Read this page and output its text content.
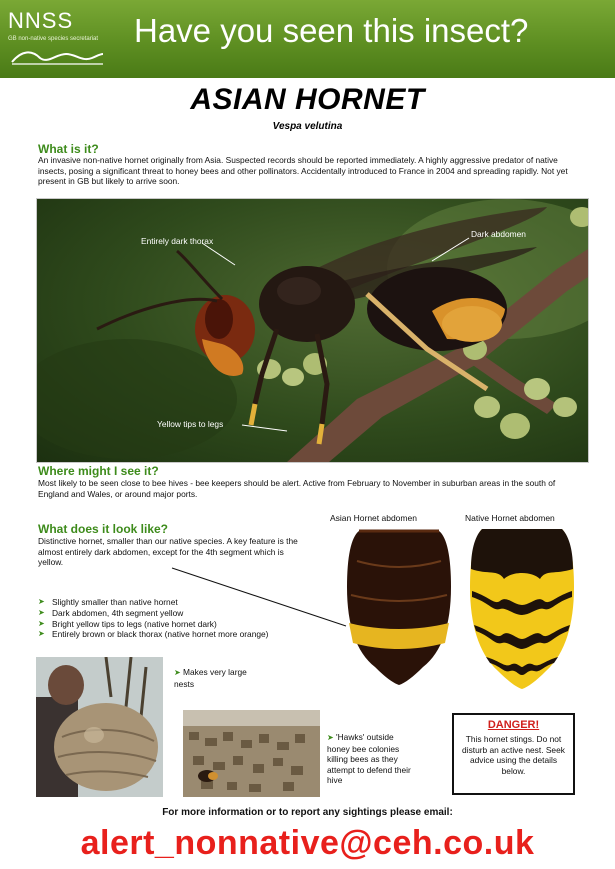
NNSS
GB non-native species secretariat Have you seen this insect?
ASIAN HORNET
Vespa velutina
What is it?
An invasive non-native hornet originally from Asia. Suspected records should be reported immediately. A highly aggressive predator of native insects, posing a significant threat to honey bees and other pollinators. Accidentally introduced to France in 2004 and spreading rapidly. Not yet present in GB but likely to arrive soon.
Entirely dark thorax
Dark abdomen
Yellow tips to legs
Where might I see it?
Most likely to be seen close to bee hives - bee keepers should be alert. Active from February to November in suburban areas in the south of England and Wales, or around major ports.
What does it look like?
Distinctive hornet, smaller than our native species. A key feature is the almost entirely dark abdomen, except for the 4th segment which is yellow.
Asian Hornet abdomen	Native Hornet abdomen
➤ Slightly smaller than native hornet
➤ Dark abdomen, 4th segment yellow
➤ Bright yellow tips to legs (native hornet dark)
➤ Entirely brown or black thorax (native hornet more orange)
➤ Makes very large nests
➤ 'Hawks' outside honey bee colonies killing bees as they attempt to defend their hive
DANGER!
This hornet stings. Do not disturb an active nest. Seek advice using the details below.
For more information or to report any sightings please email:
alert_nonnative@ceh.co.uk
